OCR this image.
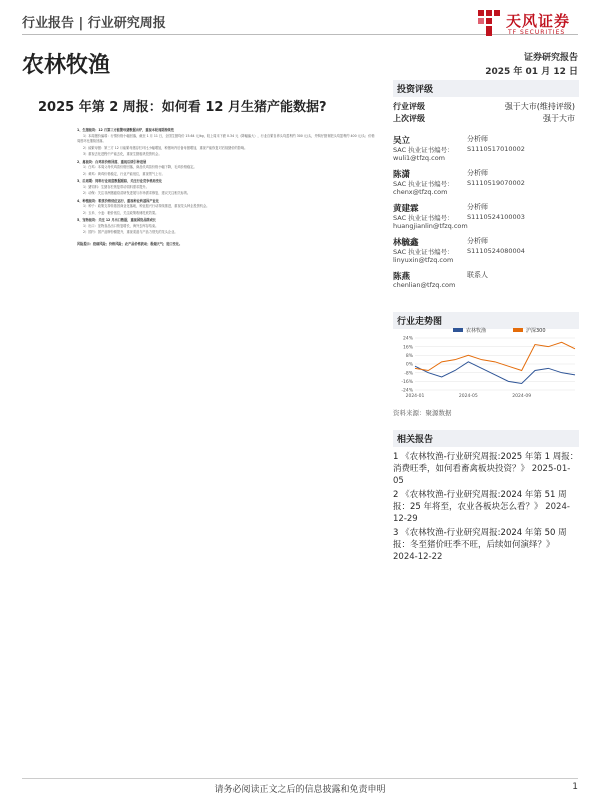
行业报告 | 行业研究周报	天风证券
TF SECURITIES
农林牧渔	证券研究报告
2025 年 01 月 12 日
2025 年第 2 周报：如何看 12 月生猪产能数据?
1、生猪板块：12 月第三方能繁母猪数据出炉，重视本轮周期持续性

1）本周猪价偏弱：行情价格小幅回落，截至 1 月 11 日，全国生猪均价 15.64 元/kg，较上周末下跌 0.34 元（降幅偏大），行业自繁自养头均盈利约 300 元/头，外购仔猪育肥头均盈利约 400 元/头；价格周度环比继续回落。

2）能繁母猪：第三方 12 月能繁母猪存栏环比小幅增加，种猪场内后备母猪增加，重视产能恢复对后续猪价的影响。

3）重视去化进程中产能去化，重视生猪板块投资机会。

2、禽板块：白鸡苗价格回落，重视后续引种进展

1）白鸡：本周父母代鸡苗价格回落，商品代鸡苗价格小幅下降，毛鸡价格稳定。

2）黄鸡：黄鸡价格稳定，行业产能低位，重视景气上行。

3、后周期：饲料行业周度数据跟踪，关注行业竞争格局变化

1）猪饲料：生猪存栏恢复带动饲料需求提升。

2）动保：关注非洲猪瘟疫苗研发进展与市场需求修复，建议关注相关标的。

4、种植板块：粮食价格低位运行，重视种业转基因产业化

1）种子：政策支持转基因商业化落地，种业振兴行动持续推进，重视龙头种企投资机会。

2）玉米、小麦：粮价低位，关注政策收储托底效果。

5、宠物板块：关注 12 月出口数据，重视国货品牌成长

1）出口：宠物食品出口恢复增长，海外去库存结束。

2）国内：国产品牌份额提升，重视渠道与产品力领先的龙头企业。

风险提示：疫病风险；价格风险；农产品价格波动；极端天气；进口变化。
投资评级
行业评级	强于大市(维持评级)
上次评级	强于大市
吴立	分析师
SAC 执业证书编号： S1110517010002
wuli1@tfzq.com
陈潇	分析师
SAC 执业证书编号： S1110519070002
chenx@tfzq.com
黄建霖	分析师
SAC 执业证书编号： S1110524100003
huangjianlin@tfzq.com
林毓鑫	分析师
SAC 执业证书编号： S1110524080004
linyuxin@tfzq.com
陈燕	联系人
chenlian@tfzq.com
行业走势图
24%
16%
8%
0%
-8%
-16%
-24%
2024-01	2024-05	2024-09
农林牧渔	沪深300
资料来源：聚源数据
相关报告
1 《农林牧渔-行业研究周报:2025 年第 1 周报：消费旺季，如何看畜禽板块投资？》 2025-01-05
2 《农林牧渔-行业研究周报:2024 年第 51 周报：25 年将至，农业各板块怎么看？》 2024-12-29
3 《农林牧渔-行业研究周报:2024 年第 50 周报：冬至猪价旺季不旺，后续如何演绎？》 2024-12-22
请务必阅读正文之后的信息披露和免责申明	1
